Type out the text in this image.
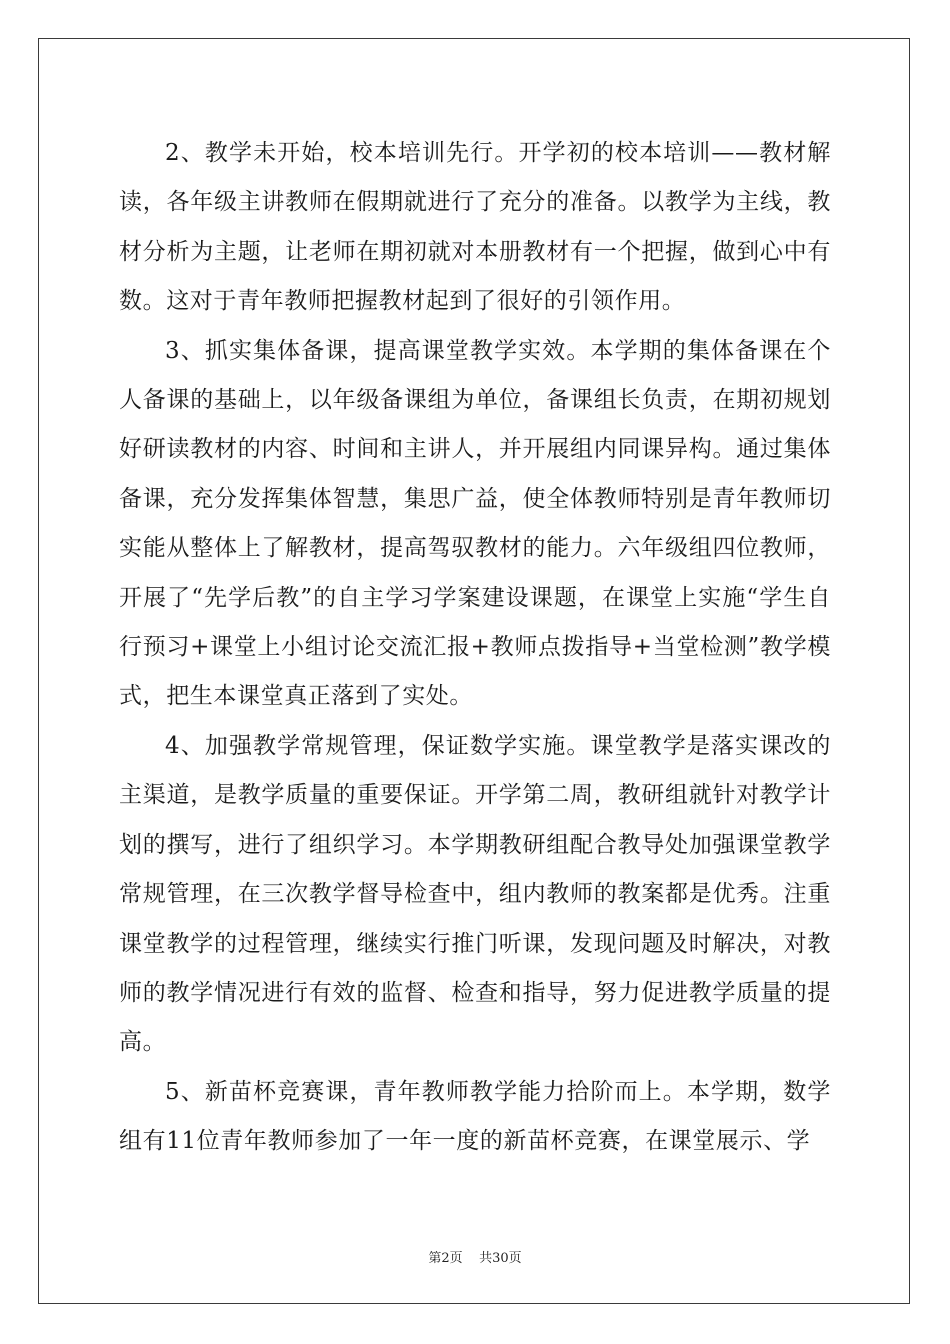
2、教学未开始，校本培训先行。开学初的校本培训——教材解读，各年级主讲教师在假期就进行了充分的准备。以教学为主线，教材分析为主题，让老师在期初就对本册教材有一个把握，做到心中有数。这对于青年教师把握教材起到了很好的引领作用。

3、抓实集体备课，提高课堂教学实效。本学期的集体备课在个人备课的基础上，以年级备课组为单位，备课组长负责，在期初规划好研读教材的内容、时间和主讲人，并开展组内同课异构。通过集体备课，充分发挥集体智慧，集思广益，使全体教师特别是青年教师切实能从整体上了解教材，提高驾驭教材的能力。六年级组四位教师，开展了“先学后教”的自主学习学案建设课题，在课堂上实施“学生自行预习+课堂上小组讨论交流汇报+教师点拨指导+当堂检测”教学模式，把生本课堂真正落到了实处。

4、加强教学常规管理，保证数学实施。课堂教学是落实课改的主渠道，是教学质量的重要保证。开学第二周，教研组就针对教学计划的撰写，进行了组织学习。本学期教研组配合教导处加强课堂教学常规管理，在三次教学督导检查中，组内教师的教案都是优秀。注重课堂教学的过程管理，继续实行推门听课，发现问题及时解决，对教师的教学情况进行有效的监督、检查和指导，努力促进教学质量的提高。

5、新苗杯竞赛课，青年教师教学能力拾阶而上。本学期，数学组有11位青年教师参加了一年一度的新苗杯竞赛，在课堂展示、学

第2页    共30页
